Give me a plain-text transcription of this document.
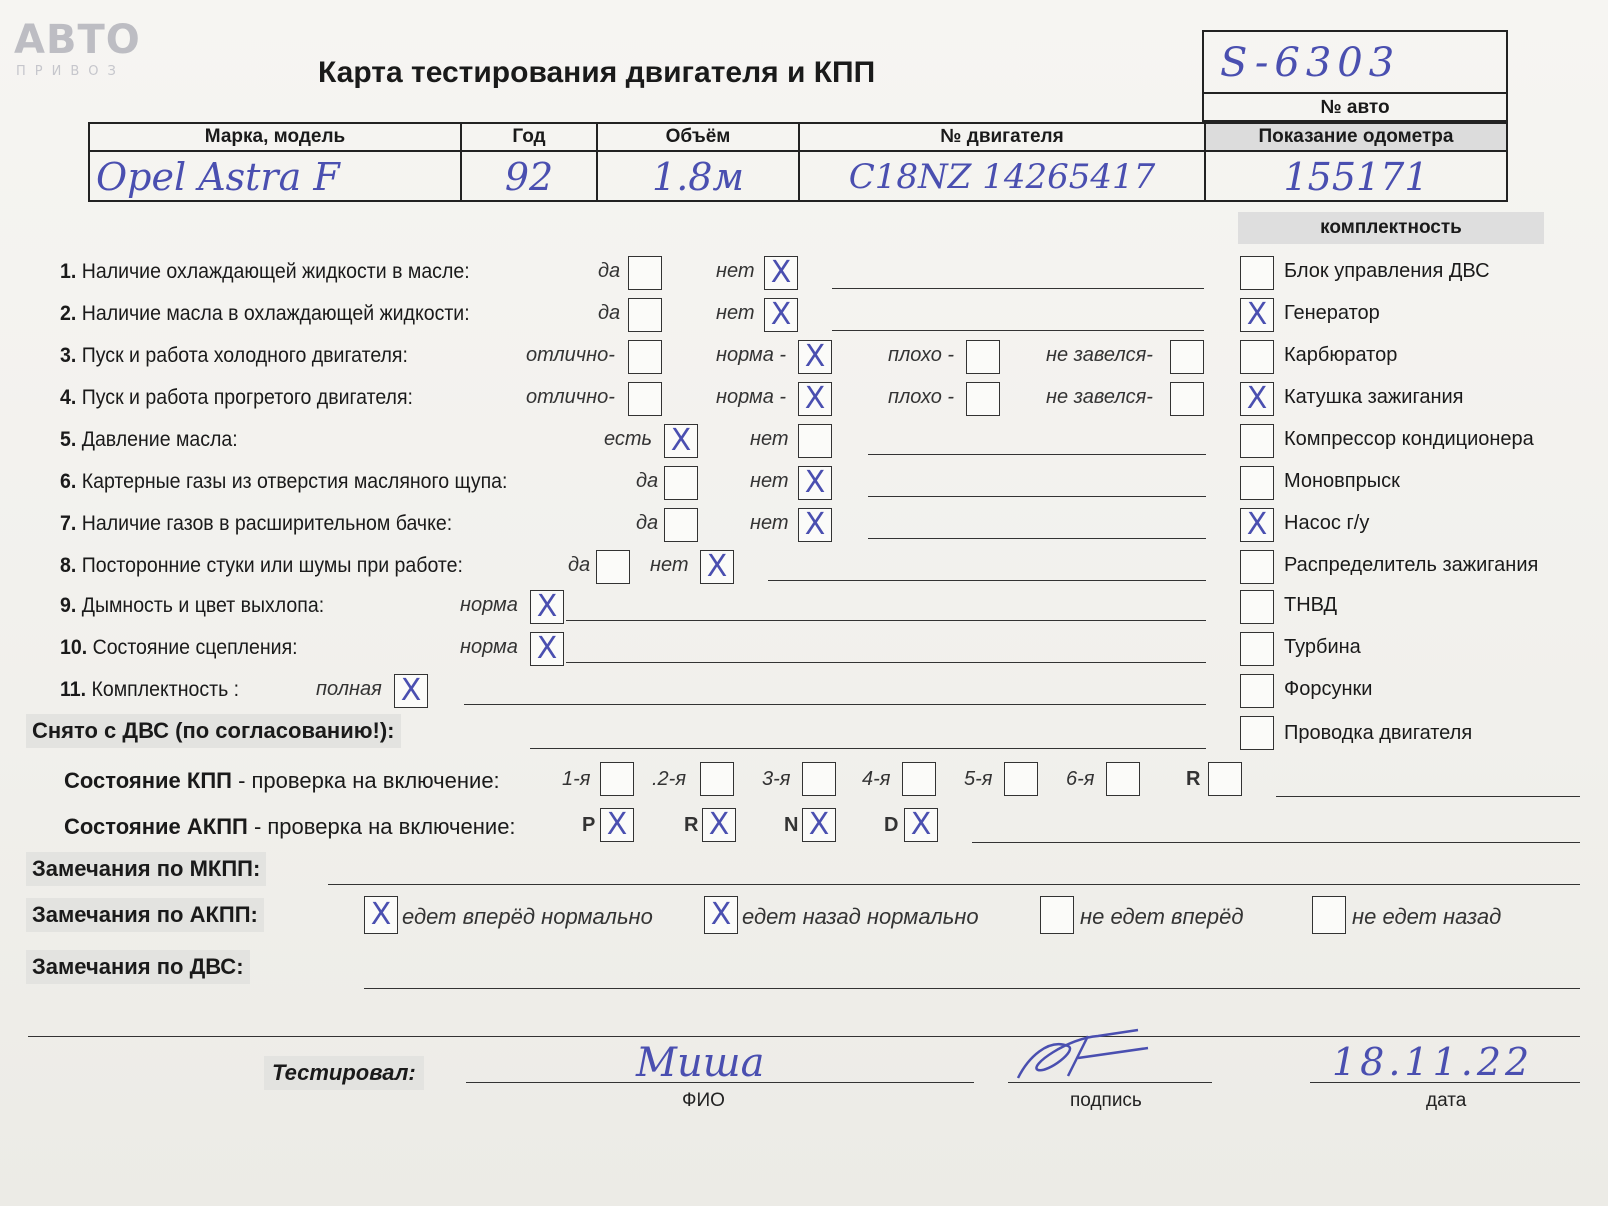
АВТО
ПРИВОЗ	Карта тестирования двигателя и КПП	S-6303
№ авто
Марка, модель	Год	Объём	№ двигателя	Показание одометра
Opel Astra F	92	1.8м	C18NZ 14265417	155171
комплектность
1. Наличие охлаждающей жидкости в масле:	да	нет X
2. Наличие масла в охлаждающей жидкости:	да	нет X
3. Пуск и работа холодного двигателя:	отлично-	норма - X	плохо -	не завелся-
4. Пуск и работа прогретого двигателя:	отлично-	норма - X	плохо -	не завелся-
5. Давление масла:	есть X	нет
6. Картерные газы из отверстия масляного щупа:	да	нет X
7. Наличие газов в расширительном бачке:	да	нет X
8. Посторонние стуки или шумы при работе:	да	нет X
9. Дымность и цвет выхлопа:	норма X
10. Состояние сцепления:	норма X
11. Комплектность :	полная X
Блок управления ДВС
X Генератор
Карбюратор
X Катушка зажигания
Компрессор кондиционера
Моновпрыск
X Насос г/у
Распределитель зажигания
ТНВД
Турбина
Форсунки
Проводка двигателя
Снято с ДВС (по согласованию!):
Состояние КПП - проверка на включение:	1-я	.2-я	3-я	4-я	5-я	6-я	R
Состояние АКПП - проверка на включение:	P X	R X	N X	D X
Замечания по МКПП:
Замечания по АКПП:	X едет вперёд нормально X едет назад нормально	не едет вперёд	не едет назад
Замечания по ДВС:
Тестировал:	Миша
ФИО	подпись
18.11.22
дата
